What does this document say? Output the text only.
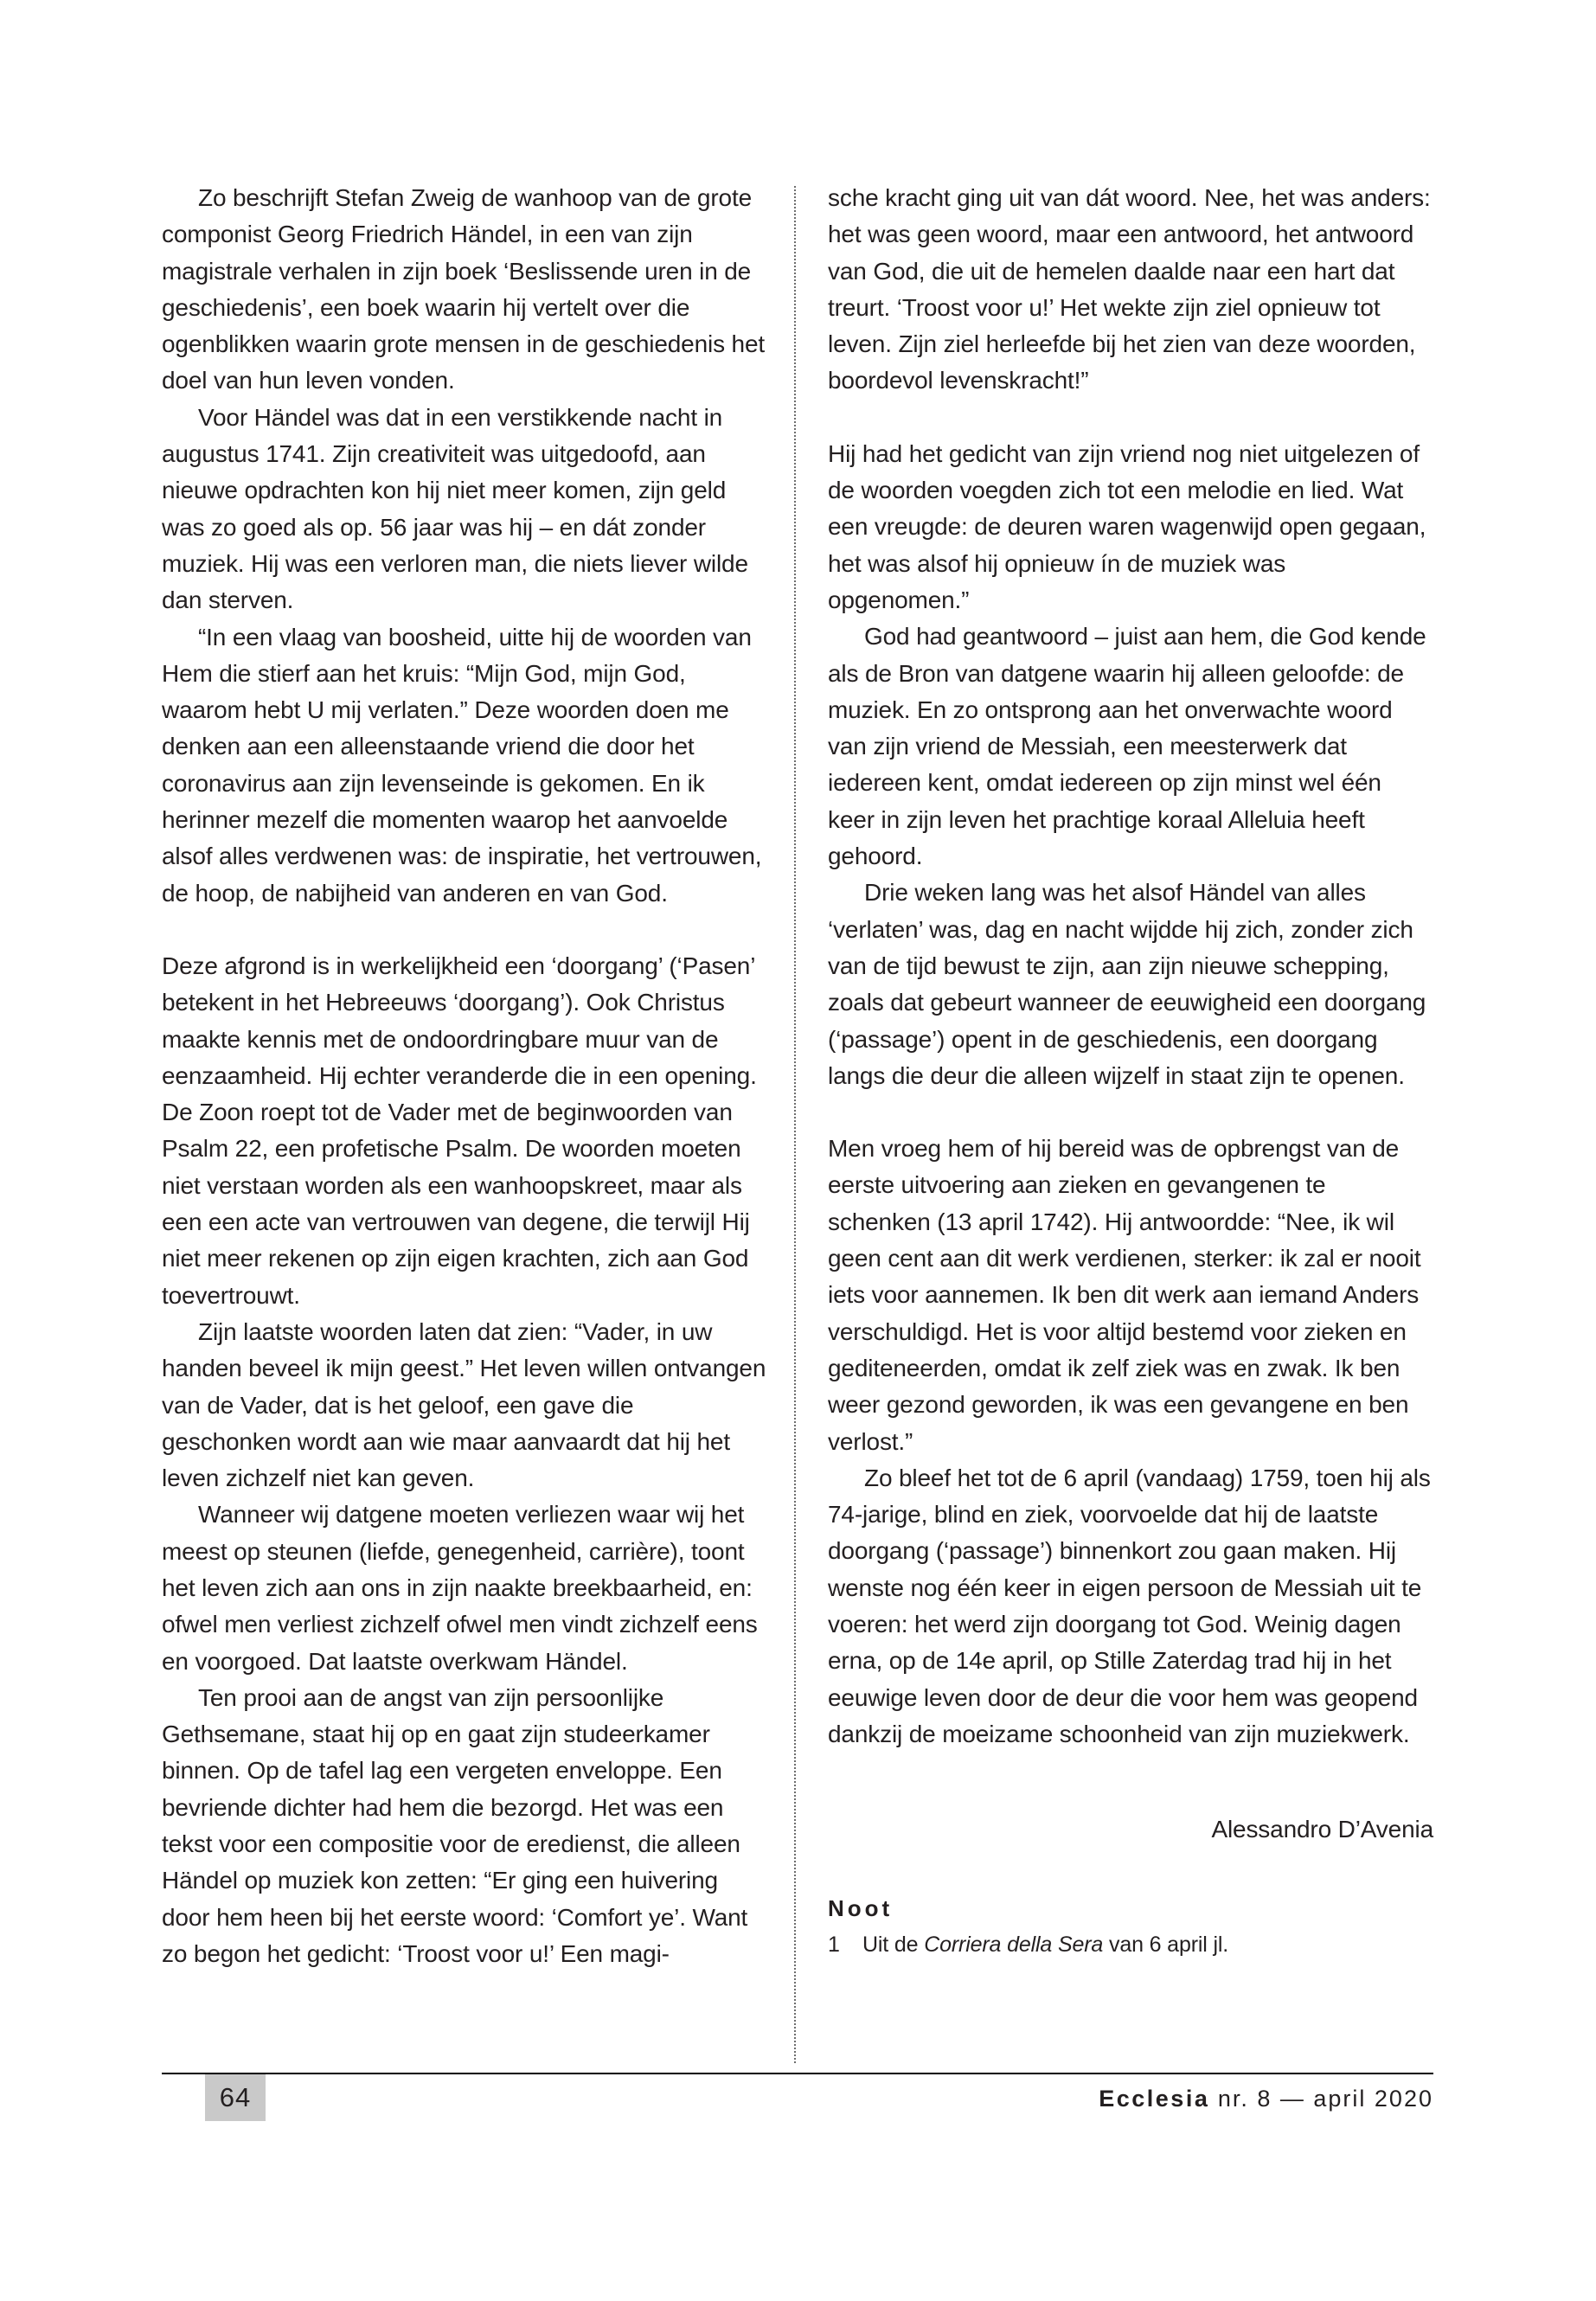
Zo beschrijft Stefan Zweig de wanhoop van de grote componist Georg Friedrich Händel, in een van zijn magistrale verhalen in zijn boek ‘Beslissende uren in de geschiedenis’, een boek waarin hij vertelt over die ogenblikken waarin grote mensen in de geschiedenis het doel van hun leven vonden.

Voor Händel was dat in een verstikkende nacht in augustus 1741. Zijn creativiteit was uitgedoofd, aan nieuwe opdrachten kon hij niet meer komen, zijn geld was zo goed als op. 56 jaar was hij – en dát zonder muziek. Hij was een verloren man, die niets liever wilde dan sterven.

“In een vlaag van boosheid, uitte hij de woorden van Hem die stierf aan het kruis: “Mijn God, mijn God, waarom hebt U mij verlaten.” Deze woorden doen me denken aan een alleenstaande vriend die door het coronavirus aan zijn levenseinde is gekomen. En ik herinner mezelf die momenten waarop het aanvoelde alsof alles verdwenen was: de inspiratie, het vertrouwen, de hoop, de nabijheid van anderen en van God.

Deze afgrond is in werkelijkheid een ‘doorgang’ (‘Pasen’ betekent in het Hebreeuws ‘doorgang’). Ook Christus maakte kennis met de ondoordringbare muur van de eenzaamheid. Hij echter veranderde die in een opening. De Zoon roept tot de Vader met de beginwoorden van Psalm 22, een profetische Psalm. De woorden moeten niet verstaan worden als een wanhoopskreet, maar als een een acte van vertrouwen van degene, die terwijl Hij niet meer rekenen op zijn eigen krachten, zich aan God toevertrouwt.

Zijn laatste woorden laten dat zien: “Vader, in uw handen beveel ik mijn geest.” Het leven willen ontvangen van de Vader, dat is het geloof, een gave die geschonken wordt aan wie maar aanvaardt dat hij het leven zichzelf niet kan geven.

Wanneer wij datgene moeten verliezen waar wij het meest op steunen (liefde, genegenheid, carrière), toont het leven zich aan ons in zijn naakte breekbaarheid, en: ofwel men verliest zichzelf ofwel men vindt zichzelf eens en voorgoed. Dat laatste overkwam Händel.

Ten prooi aan de angst van zijn persoonlijke Gethsemane, staat hij op en gaat zijn studeerkamer binnen. Op de tafel lag een vergeten enveloppe. Een bevriende dichter had hem die bezorgd. Het was een tekst voor een compositie voor de eredienst, die alleen Händel op muziek kon zetten: “Er ging een huivering door hem heen bij het eerste woord: ‘Comfort ye’. Want zo begon het gedicht: ‘Troost voor u!’ Een magi-

sche kracht ging uit van dát woord. Nee, het was anders: het was geen woord, maar een antwoord, het antwoord van God, die uit de hemelen daalde naar een hart dat treurt. ‘Troost voor u!’ Het wekte zijn ziel opnieuw tot leven. Zijn ziel herleefde bij het zien van deze woorden, boordevol levenskracht!”

Hij had het gedicht van zijn vriend nog niet uitgelezen of de woorden voegden zich tot een melodie en lied. Wat een vreugde: de deuren waren wagenwijd open gegaan, het was alsof hij opnieuw ín de muziek was opgenomen.”

God had geantwoord – juist aan hem, die God kende als de Bron van datgene waarin hij alleen geloofde: de muziek. En zo ontsprong aan het onverwachte woord van zijn vriend de Messiah, een meesterwerk dat iedereen kent, omdat iedereen op zijn minst wel één keer in zijn leven het prachtige koraal Alleluia heeft gehoord.

Drie weken lang was het alsof Händel van alles ‘verlaten’ was, dag en nacht wijdde hij zich, zonder zich van de tijd bewust te zijn, aan zijn nieuwe schepping, zoals dat gebeurt wanneer de eeuwigheid een doorgang (‘passage’) opent in de geschiedenis, een doorgang langs die deur die alleen wijzelf in staat zijn te openen.

Men vroeg hem of hij bereid was de opbrengst van de eerste uitvoering aan zieken en gevangenen te schenken (13 april 1742). Hij antwoordde: “Nee, ik wil geen cent aan dit werk verdienen, sterker: ik zal er nooit iets voor aannemen. Ik ben dit werk aan iemand Anders verschuldigd. Het is voor altijd bestemd voor zieken en gediteneerden, omdat ik zelf ziek was en zwak. Ik ben weer gezond geworden, ik was een gevangene en ben verlost.”

Zo bleef het tot de 6 april (vandaag) 1759, toen hij als 74-jarige, blind en ziek, voorvoelde dat hij de laatste doorgang (‘passage’) binnenkort zou gaan maken. Hij wenste nog één keer in eigen persoon de Messiah uit te voeren: het werd zijn doorgang tot God. Weinig dagen erna, op de 14e april, op Stille Zaterdag trad hij in het eeuwige leven door de deur die voor hem was geopend dankzij de moeizame schoonheid van zijn muziekwerk.

Alessandro D’Avenia

Noot
1 Uit de Corriera della Sera van 6 april jl.
64	Ecclesia nr. 8 — april 2020
